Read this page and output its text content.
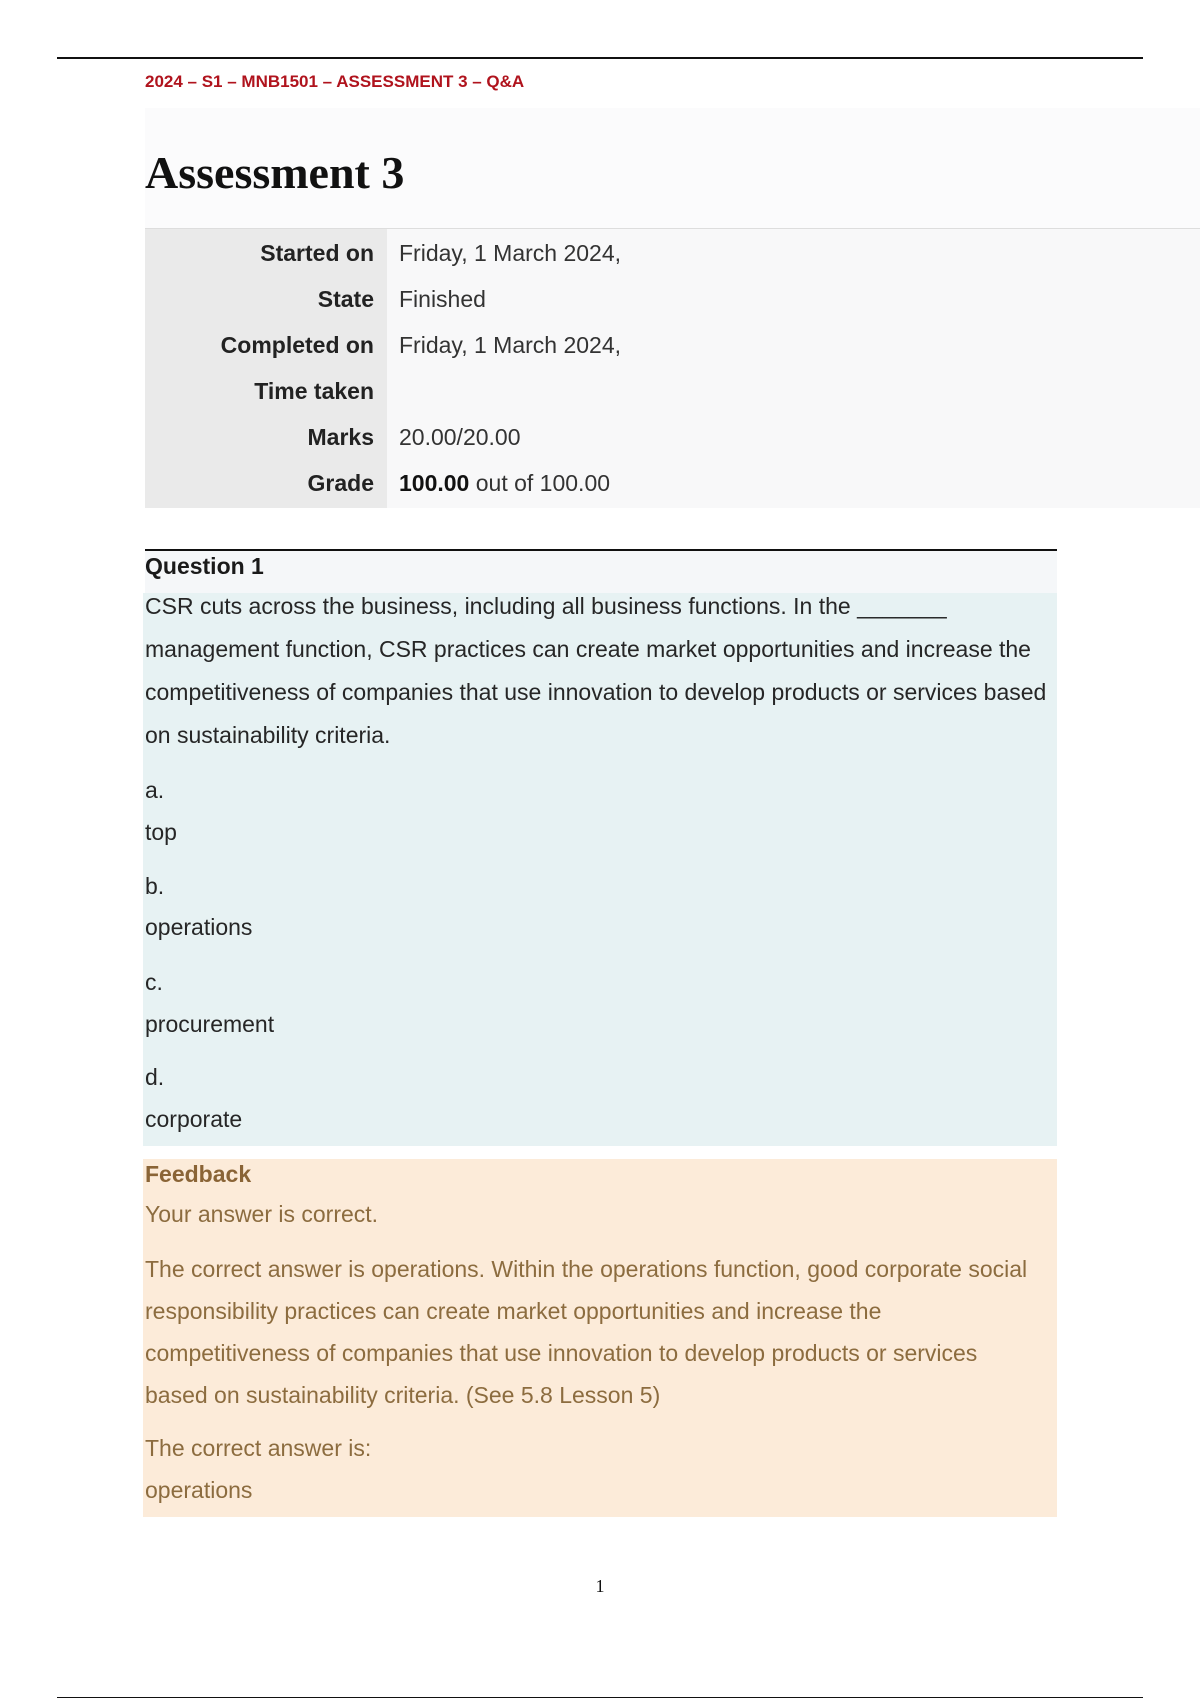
2024 – S1 – MNB1501 – ASSESSMENT 3 – Q&A
Assessment 3
Started on Friday, 1 March 2024,
State Finished
Completed on Friday, 1 March 2024,
Time taken
Marks 20.00/20.00
Grade 100.00 out of 100.00
Question 1

CSR cuts across the business, including all business functions. In the _______ management function, CSR practices can create market opportunities and increase the competitiveness of companies that use innovation to develop products or services based on sustainability criteria.

a.
top
b.
operations
c.
procurement
d.
corporate
Feedback

Your answer is correct.

The correct answer is operations. Within the operations function, good corporate social responsibility practices can create market opportunities and increase the competitiveness of companies that use innovation to develop products or services based on sustainability criteria. (See 5.8 Lesson 5)

The correct answer is:

operations

1
